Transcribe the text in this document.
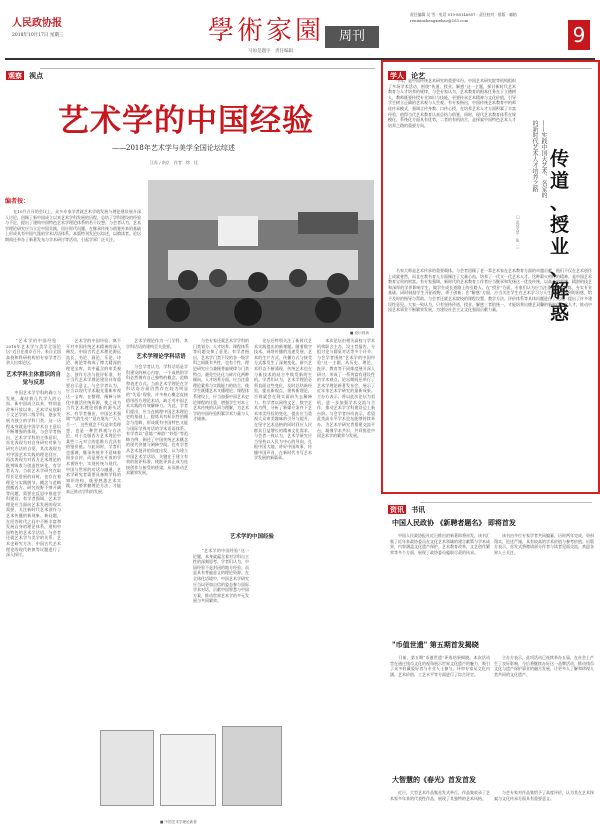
人民政协报
2018年10月17日 星期三	學術家園
马如是题字　责任编辑
周刊
责任编辑 吴 雪 · 电话 010-88146807 · 责任校对 · 排版 · 邮箱 renminzhengxiebao@163.com
9
观察 视点
艺术学的中国经验
——2018年艺术学与美学全国论坛综述
江苏 / 南京　作者：徐　佳
编者按：
　　在10月召开的会议上，众多专家学者就艺术学的发展与理论建设展开深入讨论，回顾了新中国成立以来艺术学科发展的历程，总结了学科建设的经验与不足，提出了建构中国特色艺术学理论体系的若干设想。与会者认为，艺术学理论研究应当立足中国实践，回应时代问题，在继承传统与借鉴外来的基础上形成具有中国气派的学术话语体系。本版特刊发论坛综述，以飨读者。论坛期间还举办了新著发布与学术研讨等活动，引起学界广泛关注。
■ 论坛现场
　　“艺术学的中国经验：2018年艺术学与美学全国论坛”近日在南京召开，来自全国高校和科研机构的专家学者百余人出席论坛。
艺术学科主体意识的自觉与反思
　　中国艺术学学科的确立与发展，凝结着几代学人的心血。新中国成立以来，特别是改革开放以来，艺术学从依附于文艺学的二级学科，逐步发展为独立的学科门类，这一历程本身就是中国学术自主意识不断增强的体现。与会学者指出，艺术学学科的主体意识，首先表现为对自身研究对象与研究方法的自觉，其次表现为对中国艺术实践的理论回应，再次表现为对西方艺术理论的批判吸收与创造性转化。有学者认为，当前艺术学研究在取得长足进展的同时，也存在着理论与实践脱节、概念与范畴照搬西方、研究视野不够开阔等问题，需要在反思中推进学科建设。有学者强调，艺术学理论应当面向艺术发展的现实需要，关注新时代艺术创作与艺术传播的新现象、新问题，在回答时代之问中不断丰富和发展自身的理论体系，建构中国特色的艺术学话语。与会者还就艺术学与美学的关系、艺术史研究方法、中国古代艺术理论的现代转换等议题进行了深入探讨。
　　艺术学的中国经验，离不开对中国传统艺术精神的深入阐发。中国古代艺术理论源远流长，书论、画论、乐论、诗论、曲论等构成了博大精深的理论宝库，其中蕴含的审美观念、创作方法与批评标准，对于当代艺术学理论建设具有重要启示意义。与会学者认为，应当以现代学术眼光重新审视这一宝库，在整理、阐释与转化中激活传统资源，使之成为当代艺术理论创新的源头活水。有学者指出，中国艺术强调“气韵生动”“意在笔先”“天人合一”，这些观念不仅是审美理想，也是一种世界观与方法论，对于克服西方艺术理论中某些二元对立的思维方式具有借鉴价值。与此同时，学者们也强调，继承传统并不意味着固步自封，而是要在开放的学术视野中，实现传统与现代、中国与世界的对话与融通。艺术学研究者需要具备跨学科的知识结构，既要熟悉艺术实践，又要掌握理论方法，才能真正推动学科的发展。
艺术学理论学科话语
　　艺术学理论作为一门学科，其学科话语的建构至关重要。
　　与会学者认为，学科话语是学科建设的核心内容，一个成熟的学科必然拥有自己独特的概念、范畴和表述方式。当前艺术学理论在学科话语方面仍然存在较为明显的“失语”现象，许多核心概念直接借用西方理论术语，缺乏对中国艺术实践的有效解释力。为此，学者们提出，应当在梳理中国艺术理论史的基础上，提炼具有标识性的概念与范畴，形成既有中国特色又能与国际学界对话的学术话语体系。有学者以“意境”“神韵”“妙悟”等范畴为例，阐述了中国传统艺术概念的现代价值与阐释空间。也有学者从艺术批评的角度出发，认为建立中国艺术学话语，关键在于建立有效的批评标准，使批评真正成为连接创作与接受的桥梁，从而推动艺术繁荣发展。
　　与会专家还就艺术学学科的门类划分、人才培养、课程体系等问题交换了意见。有学者指出，艺术学门类下设的各一级学科之间既有共性，也有个性，理论研究应当兼顾普遍规律与门类特点，避免空泛化与碎片化两种倾向。人才培养方面，应当注重理论素养与实践能力的结合，使学生既懂艺术又懂理论。课程体系建设上，应当加强中国艺术史论课程的比重，增强学生对本土艺术传统的认同与理解，为艺术学的中国经验积累学术力量与人才储备。
艺术学的中国经验
　　“艺术学的中国经验”这一论题，本身就蕴含着对学科自主性的深刻思考。学者们认为，中国经验不是封闭的地方经验，而是具有普遍意义的理论资源。在全球化语境中，中国艺术学研究应当以更加自信的姿态参与国际学术对话，贡献中国智慧与中国方案，推动世界艺术学的多元发展与共同繁荣。
　　论坛还特别关注了新时代艺术实践提出的新课题。随着数字技术、网络传播的迅速发展，艺术的生产方式、传播方式与接受方式都发生了深刻变化，新兴艺术形态不断涌现，传统艺术也在与新技术的结合中焕发新的生机。学者们认为，艺术学理论必须直面这些变化，及时总结新经验，提出新观点，建构新理论，否则就会在现实面前失去解释力。有学者以网络文艺、数字艺术为例，分析了新媒介条件下艺术审美经验的变化，提出应当重视大众审美趣味的引导与提升，在坚守艺术品格的同时回应人民群众日益增长的精神文化需求。与会者一致认为，艺术学研究应当坚持以人民为中心的导向，扎根中国大地，讲好中国故事，传播中国声音，在新时代书写艺术学发展的新篇章。
　　本次论坛由相关高校与学术机构联合主办，设主旨报告、分组讨论与圆桌对话等多个环节。与会学者围绕“艺术学的中国经验”这一主题，从历史、理论、批评、教育等不同维度展开深入研讨，形成了一系列富有建设性的学术观点。论坛期间还举行了艺术学理论新著发布会，展示了近年来艺术学研究的最新成果。主办方表示，将以此次论坛为契机，进一步加强学术交流与合作，推动艺术学学科建设迈上新台阶。与会学者纷纷表示，希望此类高水平学术论坛能够持续举办，为艺术学研究者搭建交流平台，凝聚学术共识，共同推进中国艺术学的繁荣与发展。
■ 中国艺术学理论新著
学人 论艺
传
道
、
授
业
、
解
惑
——实践中国大艺术、名家的
的新时代艺术人才培养之路
□ 武汉大学　张　三
　　今年，是中国传统艺术研究的重要年份。中国艺术研究院等机构组织了多场学术活动，围绕“传道、授业、解惑”这一主题，探讨新时代艺术教育与人才培养的规律。与会专家认为，艺术教育的根本任务在于立德树人，教师既要传授专业知识与技能，更要传承艺术精神与文化价值，引导学生树立正确的艺术观与人生观。有专家指出，中国传统艺术教育中的师徒传承模式，强调言传身教、口传心授，在培养艺术人才方面积累了丰富经验，值得当代艺术教育认真总结与借鉴。同时，现代艺术教育体系在规模化、系统化方面具有优势，二者的有机结合，是探索中国特色艺术人才培养之路的重要方向。
　　名家大师是艺术传承的重要载体。与会者回顾了老一辈艺术家在艺术教育方面的卓越贡献，他们不仅在艺术创作上成就斐然，而且在教书育人方面倾注了大量心血，培养了一代又一代艺术人才。这种薪火相传的精神，是中国艺术教育宝贵的财富。有专家强调，新时代的艺术教育工作者应当继承和发扬这一优良传统，以高尚的师德、精湛的技艺和深厚的学养影响学生，做学生成长道路上的引路人。在“授业”方面，专家们认为应当注重基本功训练，夯实专业基础，同时鼓励学生开拓视野、勇于创新；在“解惑”方面，应当关注学生在艺术学习与人生成长中遇到的困惑，给予及时的指导与帮助。与会者还就艺术院校的课程设置、教学方法、评价体系等具体问题进行了交流，提出了许多建设性意见。大家一致认为，只有坚持传道、授业、解惑三者的统一，才能培养出德艺双馨的新时代艺术人才，推动中国艺术事业不断繁荣发展，为建设社会主义文化强国贡献力量。
资讯 书讯
中国人民政协 《新聘者题名》 即将首发
　　中国人民政协报社近日推出的新著即将首发。该书汇集了近年来政协委员在文化艺术领域的建言献策与学术成果，内容涵盖文化遗产保护、艺术教育改革、文艺创作繁荣等多个方面，展现了政协委员履职尽责的风采。
　　该书由多位专家学者共同编纂，历时两年完成，资料翔实，论述严谨，具有较高的学术价值与参考价值。出版方表示，首发式将邀请部分作者与读者见面交流，欢迎各界人士关注。
"币值世遗" 第五期首发揭晓
　　日前，第五期“币值世遗”评选结果揭晓。本次活动旨在通过钱币文化的视角展示世界文化遗产的魅力，吸引了众多收藏爱好者与专业人士参与。评审专家从文化内涵、艺术价值、工艺水平等方面进行了综合评定。
　　主办方表示，此项活动已连续举办五届，在社会上产生了良好影响，今后将继续办好这一品牌活动，推动钱币文化与遗产保护事业的融合发展，让更多人了解和珍视人类共同的文化遗产。
大智慧的《春光》首发首发
　　近日，大型艺术作品集首发式举行，作品集收录了艺术家多年来的代表性作品，展现了其独特的艺术风格。
　　与会专家对作品集给予了高度评价，认为其在艺术探索与文化传承方面具有重要意义。
